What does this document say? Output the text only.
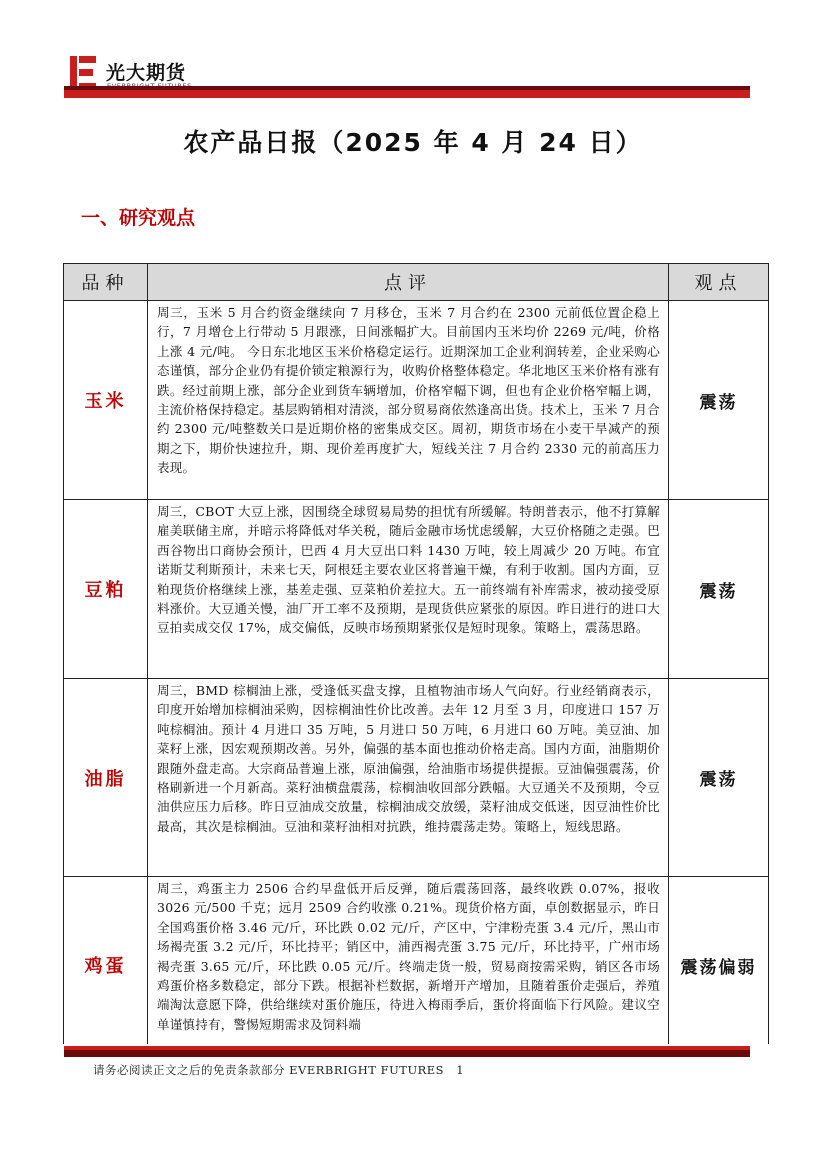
光大期货
农产品日报（2025 年 4 月 24 日）
一、研究观点
品种	点评	观点
玉米	周三，玉米 5 月合约资金继续向 7 月移仓，玉米 7 月合约在 2300 元前低位置企稳上行，7 月增仓上行带动 5 月跟涨，日间涨幅扩大。目前国内玉米均价 2269 元/吨，价格上涨 4 元/吨。 今日东北地区玉米价格稳定运行。近期深加工企业利润转差，企业采购心态谨慎，部分企业仍有提价锁定粮源行为，收购价格整体稳定。华北地区玉米价格有涨有跌。经过前期上涨，部分企业到货车辆增加，价格窄幅下调，但也有企业价格窄幅上调，主流价格保持稳定。基层购销相对清淡，部分贸易商依然逢高出货。技术上，玉米 7 月合约 2300 元/吨整数关口是近期价格的密集成交区。周初，期货市场在小麦干旱减产的预期之下，期价快速拉升，期、现价差再度扩大，短线关注 7 月合约 2330 元的前高压力表现。	震荡
豆粕	周三，CBOT 大豆上涨，因围绕全球贸易局势的担忧有所缓解。特朗普表示，他不打算解雇美联储主席，并暗示将降低对华关税，随后金融市场忧虑缓解，大豆价格随之走强。巴西谷物出口商协会预计，巴西 4 月大豆出口料 1430 万吨，较上周减少 20 万吨。布宜诺斯艾利斯预计，未来七天，阿根廷主要农业区将普遍干燥，有利于收割。国内方面，豆粕现货价格继续上涨，基差走强、豆菜粕价差拉大。五一前终端有补库需求，被动接受原料涨价。大豆通关慢，油厂开工率不及预期，是现货供应紧张的原因。昨日进行的进口大豆拍卖成交仅 17%，成交偏低，反映市场预期紧张仅是短时现象。策略上，震荡思路。	震荡
油脂	周三，BMD 棕榈油上涨，受逢低买盘支撑，且植物油市场人气向好。行业经销商表示，印度开始增加棕榈油采购，因棕榈油性价比改善。去年 12 月至 3 月，印度进口 157 万吨棕榈油。预计 4 月进口 35 万吨，5 月进口 50 万吨，6 月进口 60 万吨。美豆油、加菜籽上涨，因宏观预期改善。另外，偏强的基本面也推动价格走高。国内方面，油脂期价跟随外盘走高。大宗商品普遍上涨，原油偏强，给油脂市场提供提振。豆油偏强震荡，价格刷新进一个月新高。菜籽油横盘震荡，棕榈油收回部分跌幅。大豆通关不及预期，令豆油供应压力后移。昨日豆油成交放量，棕榈油成交放缓，菜籽油成交低迷，因豆油性价比最高，其次是棕榈油。豆油和菜籽油相对抗跌，维持震荡走势。策略上，短线思路。	震荡
鸡蛋	周三，鸡蛋主力 2506 合约早盘低开后反弹，随后震荡回落，最终收跌 0.07%，报收 3026 元/500 千克；远月 2509 合约收涨 0.21%。现货价格方面，卓创数据显示，昨日全国鸡蛋价格 3.46 元/斤，环比跌 0.02 元/斤，产区中，宁津粉壳蛋 3.4 元/斤，黑山市场褐壳蛋 3.2 元/斤，环比持平；销区中，浦西褐壳蛋 3.75 元/斤，环比持平，广州市场褐壳蛋 3.65 元/斤，环比跌 0.05 元/斤。终端走货一般，贸易商按需采购，销区各市场鸡蛋价格多数稳定，部分下跌。根据补栏数据，新增开产增加，且随着蛋价走强后，养殖端淘汰意愿下降，供给继续对蛋价施压，待进入梅雨季后，蛋价将面临下行风险。建议空单谨慎持有，警惕短期需求及饲料端	震荡偏弱
请务必阅读正文之后的免责条款部分 EVERBRIGHT FUTURES 1
